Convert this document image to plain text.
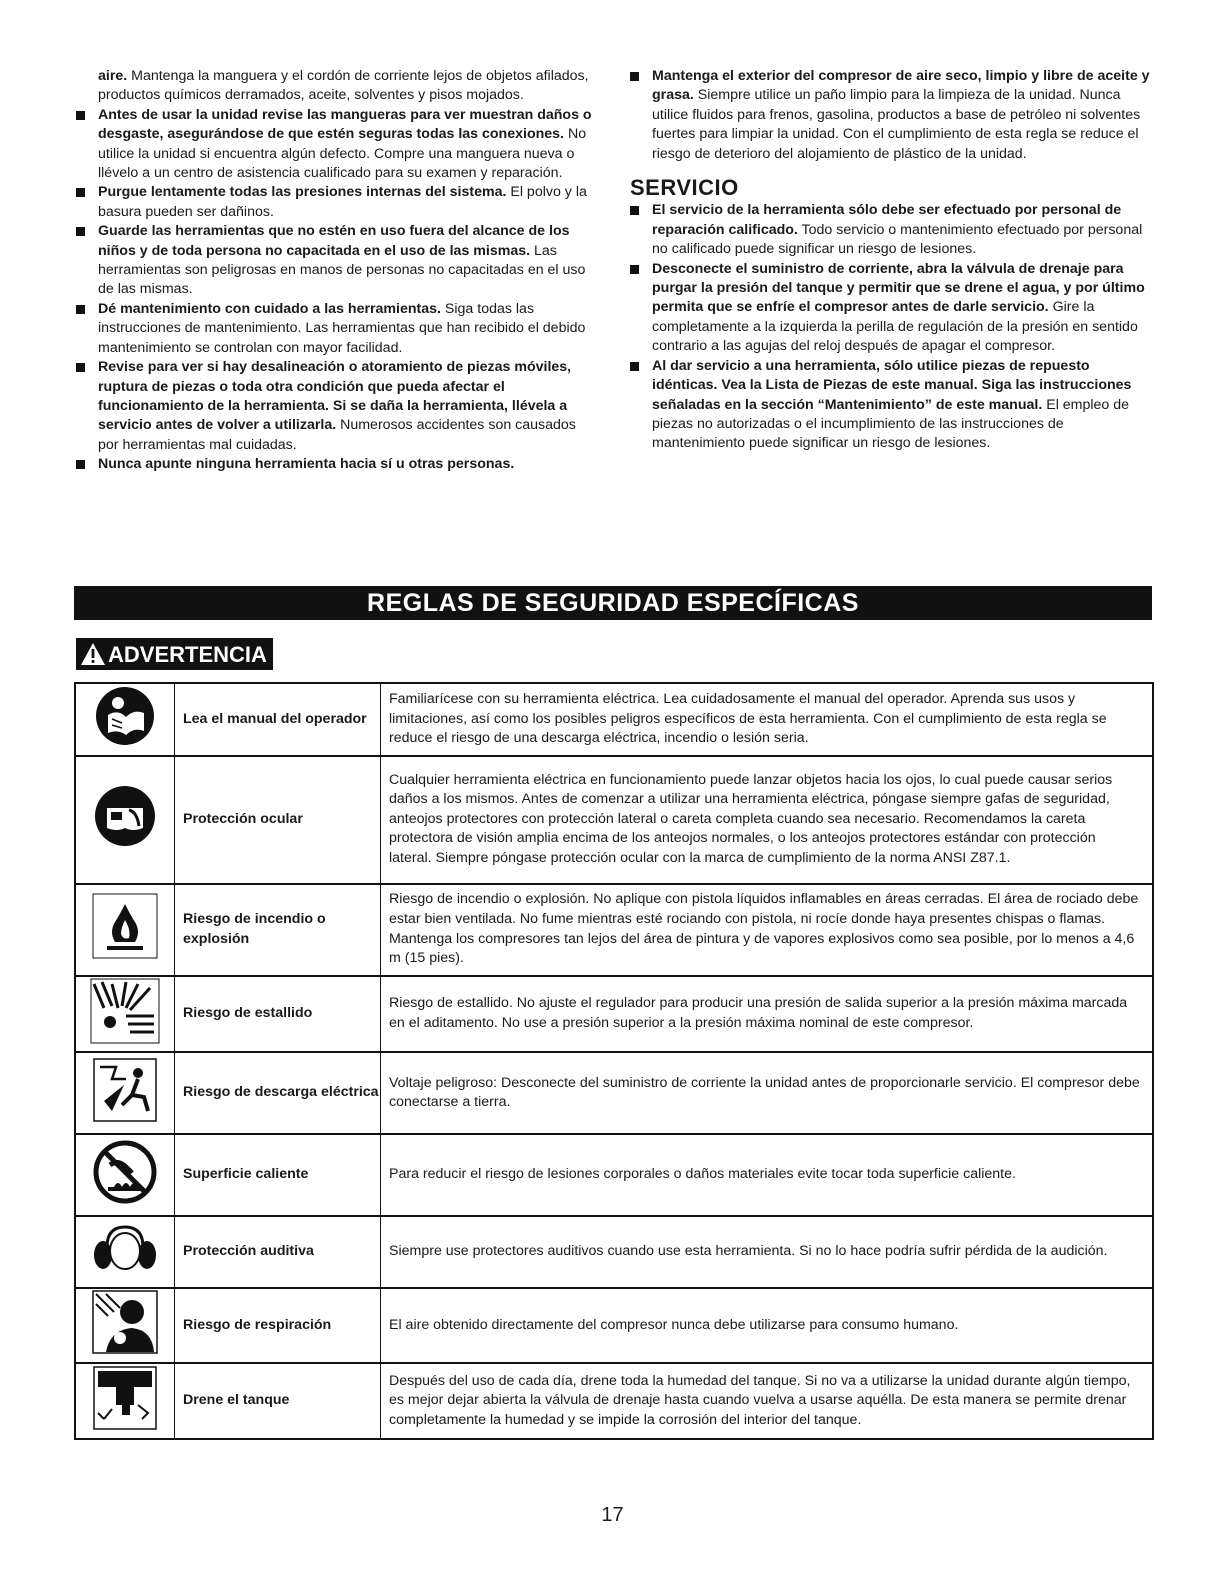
aire. Mantenga la manguera y el cordón de corriente lejos de objetos afilados, productos químicos derramados, aceite, solventes y pisos mojados.

Antes de usar la unidad revise las mangueras para ver muestran daños o desgaste, asegurándose de que estén seguras todas las conexiones. No utilice la unidad si encuentra algún defecto. Compre una manguera nueva o llévelo a un centro de asistencia cualificado para su examen y reparación.

Purgue lentamente todas las presiones internas del sistema. El polvo y la basura pueden ser dañinos.

Guarde las herramientas que no estén en uso fuera del alcance de los niños y de toda persona no capacitada en el uso de las mismas. Las herramientas son peligrosas en manos de personas no capacitadas en el uso de las mismas.

Dé mantenimiento con cuidado a las herramientas. Siga todas las instrucciones de mantenimiento. Las herramientas que han recibido el debido mantenimiento se controlan con mayor facilidad.

Revise para ver si hay desalineación o atoramiento de piezas móviles, ruptura de piezas o toda otra condición que pueda afectar el funcionamiento de la herramienta. Si se daña la herramienta, llévela a servicio antes de volver a utilizarla. Numerosos accidentes son causados por herramientas mal cuidadas.

Nunca apunte ninguna herramienta hacia sí u otras personas.

Mantenga el exterior del compresor de aire seco, limpio y libre de aceite y grasa. Siempre utilice un paño limpio para la limpieza de la unidad. Nunca utilice fluidos para frenos, gasolina, productos a base de petróleo ni solventes fuertes para limpiar la unidad. Con el cumplimiento de esta regla se reduce el riesgo de deterioro del alojamiento de plástico de la unidad.

SERVICIO

El servicio de la herramienta sólo debe ser efectuado por personal de reparación calificado. Todo servicio o mantenimiento efectuado por personal no calificado puede significar un riesgo de lesiones.

Desconecte el suministro de corriente, abra la válvula de drenaje para purgar la presión del tanque y permitir que se drene el agua, y por último permita que se enfríe el compresor antes de darle servicio. Gire la completamente a la izquierda la perilla de regulación de la presión en sentido contrario a las agujas del reloj después de apagar el compresor.

Al dar servicio a una herramienta, sólo utilice piezas de repuesto idénticas. Vea la Lista de Piezas de este manual. Siga las instrucciones señaladas en la sección “Mantenimiento” de este manual. El empleo de piezas no autorizadas o el incumplimiento de las instrucciones de mantenimiento puede significar un riesgo de lesiones.

REGLAS DE SEGURIDAD ESPECÍFICAS
ADVERTENCIA
	Lea el manual del operador	Familiarícese con su herramienta eléctrica. Lea cuidadosamente el manual del operador. Aprenda sus usos y limitaciones, así como los posibles peligros específicos de esta herramienta. Con el cumplimiento de esta regla se reduce el riesgo de una descarga eléctrica, incendio o lesión seria.
	Protección ocular	Cualquier herramienta eléctrica en funcionamiento puede lanzar objetos hacia los ojos, lo cual puede causar serios daños a los mismos. Antes de comenzar a utilizar una herramienta eléctrica, póngase siempre gafas de seguridad, anteojos protectores con protección lateral o careta completa cuando sea necesario. Recomendamos la careta protectora de visión amplia encima de los anteojos normales, o los anteojos protectores estándar con protección lateral. Siempre póngase protección ocular con la marca de cumplimiento de la norma ANSI Z87.1.
	Riesgo de incendio o explosión	Riesgo de incendio o explosión. No aplique con pistola líquidos inflamables en áreas cerradas. El área de rociado debe estar bien ventilada. No fume mientras esté rociando con pistola, ni rocíe donde haya presentes chispas o flamas. Mantenga los compresores tan lejos del área de pintura y de vapores explosivos como sea posible, por lo menos a 4,6 m (15 pies).
	Riesgo de estallido	Riesgo de estallido. No ajuste el regulador para producir una presión de salida superior a la presión máxima marcada en el aditamento. No use a presión superior a la presión máxima nominal de este compresor.
	Riesgo de descarga eléctrica	Voltaje peligroso: Desconecte del suministro de corriente la unidad antes de proporcionarle servicio. El compresor debe conectarse a tierra.
	Superficie caliente	Para reducir el riesgo de lesiones corporales o daños materiales evite tocar toda superficie caliente.
	Protección auditiva	Siempre use protectores auditivos cuando use esta herramienta. Si no lo hace podría sufrir pérdida de la audición.
	Riesgo de respiración	El aire obtenido directamente del compresor nunca debe utilizarse para consumo humano.
	Drene el tanque	Después del uso de cada día, drene toda la humedad del tanque. Si no va a utilizarse la unidad durante algún tiempo, es mejor dejar abierta la válvula de drenaje hasta cuando vuelva a usarse aquélla. De esta manera se permite drenar completamente la humedad y se impide la corrosión del interior del tanque.
17
